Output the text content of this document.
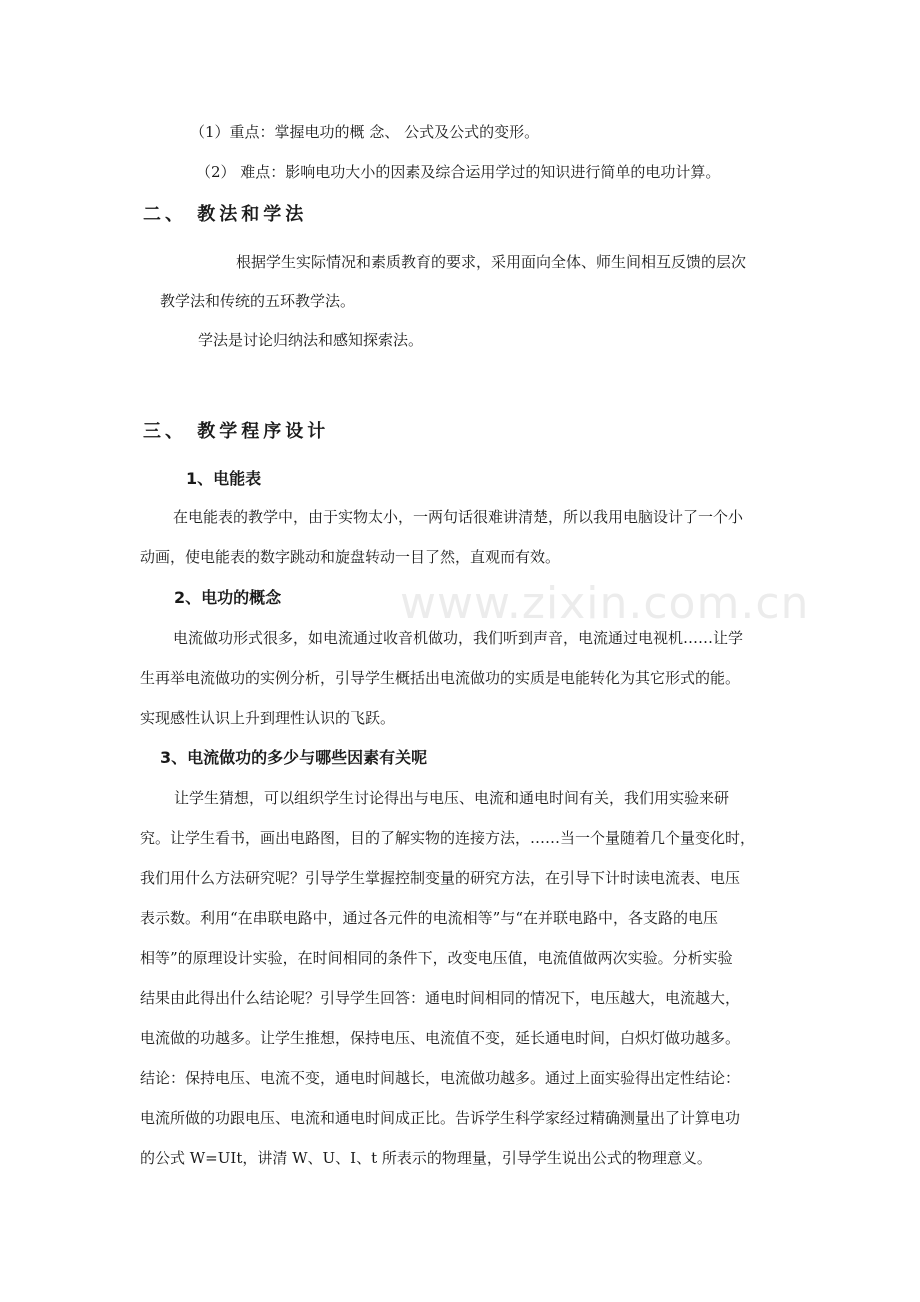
www.zixin.com.cn
（1）重点：掌握电功的概 念、 公式及公式的变形。
（2） 难点：影响电功大小的因素及综合运用学过的知识进行简单的电功计算。
二、 教法和学法
根据学生实际情况和素质教育的要求，采用面向全体、师生间相互反馈的层次
教学法和传统的五环教学法。
学法是讨论归纳法和感知探索法。
三、 教学程序设计
1、电能表
在电能表的教学中，由于实物太小，一两句话很难讲清楚，所以我用电脑设计了一个小
动画，使电能表的数字跳动和旋盘转动一目了然，直观而有效。
2、电功的概念
电流做功形式很多，如电流通过收音机做功，我们听到声音，电流通过电视机……让学
生再举电流做功的实例分析，引导学生概括出电流做功的实质是电能转化为其它形式的能。
实现感性认识上升到理性认识的飞跃。
3、电流做功的多少与哪些因素有关呢
让学生猜想，可以组织学生讨论得出与电压、电流和通电时间有关，我们用实验来研
究。让学生看书，画出电路图，目的了解实物的连接方法，……当一个量随着几个量变化时，
我们用什么方法研究呢？引导学生掌握控制变量的研究方法，在引导下计时读电流表、电压
表示数。利用“在串联电路中，通过各元件的电流相等”与“在并联电路中，各支路的电压
相等”的原理设计实验，在时间相同的条件下，改变电压值，电流值做两次实验。分析实验
结果由此得出什么结论呢？引导学生回答：通电时间相同的情况下，电压越大，电流越大，
电流做的功越多。让学生推想，保持电压、电流值不变，延长通电时间，白炽灯做功越多。
结论：保持电压、电流不变，通电时间越长，电流做功越多。通过上面实验得出定性结论：
电流所做的功跟电压、电流和通电时间成正比。告诉学生科学家经过精确测量出了计算电功
的公式 W=UIt，讲清 W、U、I、t 所表示的物理量，引导学生说出公式的物理意义。
